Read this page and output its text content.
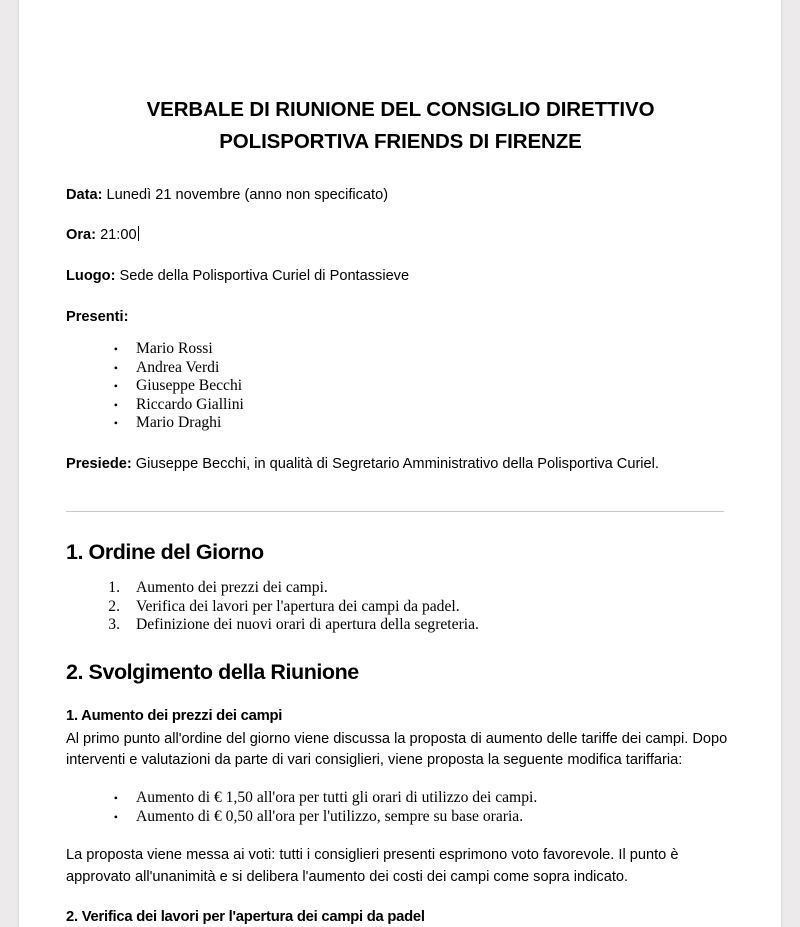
VERBALE DI RIUNIONE DEL CONSIGLIO DIRETTIVO
POLISPORTIVA FRIENDS DI FIRENZE

Data: Lunedì 21 novembre (anno non specificato)

Ora: 21:00

Luogo: Sede della Polisportiva Curiel di Pontassieve

Presenti:

• Mario Rossi
• Andrea Verdi
• Giuseppe Becchi
• Riccardo Giallini
• Mario Draghi

Presiede: Giuseppe Becchi, in qualità di Segretario Amministrativo della Polisportiva Curiel.

1. Ordine del Giorno
1. Aumento dei prezzi dei campi.
2. Verifica dei lavori per l'apertura dei campi da padel.
3. Definizione dei nuovi orari di apertura della segreteria.
2. Svolgimento della Riunione
1. Aumento dei prezzi dei campi

Al primo punto all'ordine del giorno viene discussa la proposta di aumento delle tariffe dei campi. Dopo interventi e valutazioni da parte di vari consiglieri, viene proposta la seguente modifica tariffaria:

• Aumento di € 1,50 all'ora per tutti gli orari di utilizzo dei campi.
• Aumento di € 0,50 all'ora per l'utilizzo, sempre su base oraria.

La proposta viene messa ai voti: tutti i consiglieri presenti esprimono voto favorevole. Il punto è approvato all'unanimità e si delibera l'aumento dei costi dei campi come sopra indicato.

2. Verifica dei lavori per l'apertura dei campi da padel
